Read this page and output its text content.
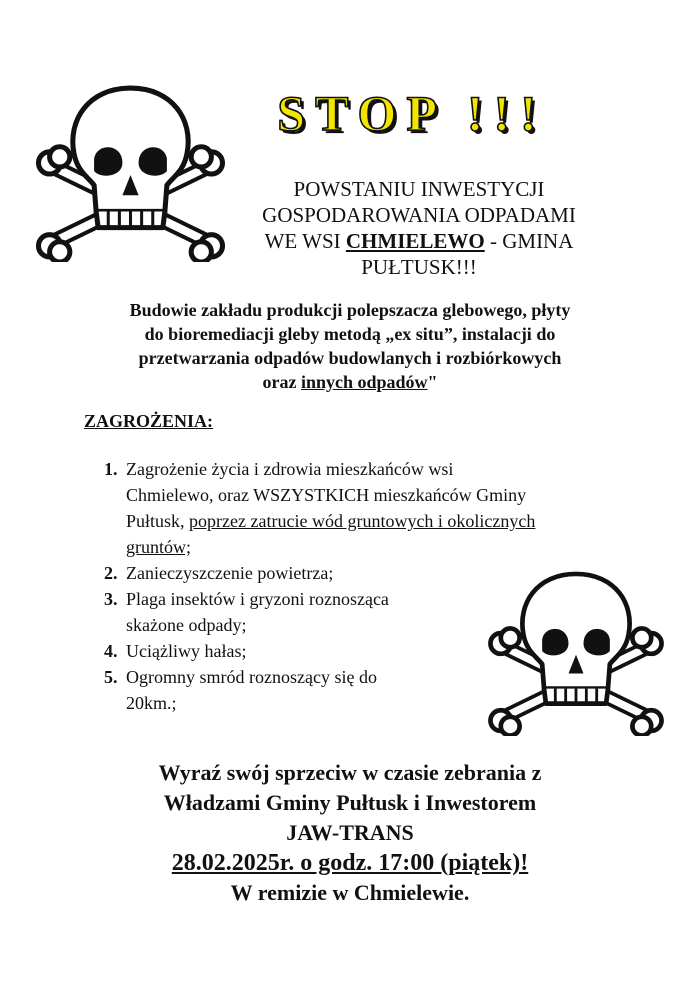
STOP !!!
POWSTANIU INWESTYCJI
GOSPODAROWANIA ODPADAMI
WE WSI CHMIELEWO - GMINA
PUŁTUSK!!!
Budowie zakładu produkcji polepszacza glebowego, płyty
do bioremediacji gleby metodą „ex situ”, instalacji do
przetwarzania odpadów budowlanych i rozbiórkowych
oraz innych odpadów"
ZAGROŻENIA:
1. Zagrożenie życia i zdrowia mieszkańców wsi
Chmielewo, oraz WSZYSTKICH mieszkańców Gminy
Pułtusk, poprzez zatrucie wód gruntowych i okolicznych
gruntów;
2. Zanieczyszczenie powietrza;
3. Plaga insektów i gryzoni roznosząca
skażone odpady;
4. Uciążliwy hałas;
5. Ogromny smród roznoszący się do
20km.;
Wyraź swój sprzeciw w czasie zebrania z
Władzami Gminy Pułtusk i Inwestorem
JAW-TRANS
28.02.2025r. o godz. 17:00 (piątek)!
W remizie w Chmielewie.
